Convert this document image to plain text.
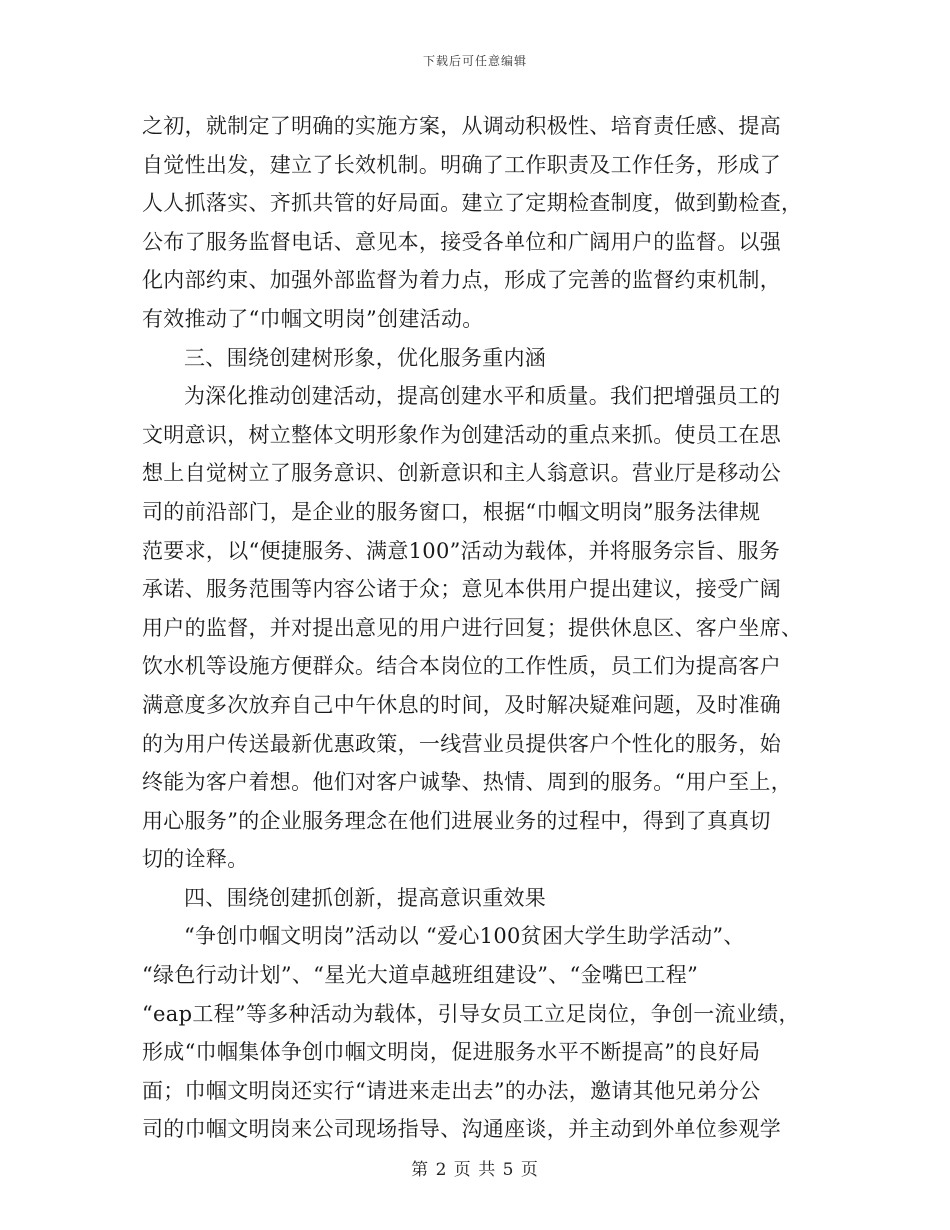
下载后可任意编辑
之初，就制定了明确的实施方案，从调动积极性、培育责任感、提高
自觉性出发，建立了长效机制。明确了工作职责及工作任务，形成了
人人抓落实、齐抓共管的好局面。建立了定期检查制度，做到勤检查，
公布了服务监督电话、意见本，接受各单位和广阔用户的监督。以强
化内部约束、加强外部监督为着力点，形成了完善的监督约束机制，
有效推动了“巾帼文明岗”创建活动。
三、围绕创建树形象，优化服务重内涵
为深化推动创建活动，提高创建水平和质量。我们把增强员工的
文明意识，树立整体文明形象作为创建活动的重点来抓。使员工在思
想上自觉树立了服务意识、创新意识和主人翁意识。营业厅是移动公
司的前沿部门，是企业的服务窗口，根据“巾帼文明岗”服务法律规
范要求，以“便捷服务、满意100”活动为载体，并将服务宗旨、服务
承诺、服务范围等内容公诸于众；意见本供用户提出建议，接受广阔
用户的监督，并对提出意见的用户进行回复；提供休息区、客户坐席、
饮水机等设施方便群众。结合本岗位的工作性质，员工们为提高客户
满意度多次放弃自己中午休息的时间，及时解决疑难问题，及时准确
的为用户传送最新优惠政策，一线营业员提供客户个性化的服务，始
终能为客户着想。他们对客户诚挚、热情、周到的服务。“用户至上，
用心服务”的企业服务理念在他们进展业务的过程中，得到了真真切
切的诠释。
四、围绕创建抓创新，提高意识重效果
“争创巾帼文明岗”活动以 “爱心100贫困大学生助学活动”、
“绿色行动计划”、“星光大道卓越班组建设”、“金嘴巴工程”
“eap工程”等多种活动为载体，引导女员工立足岗位，争创一流业绩，
形成“巾帼集体争创巾帼文明岗，促进服务水平不断提高”的良好局
面；巾帼文明岗还实行“请进来走出去”的办法，邀请其他兄弟分公
司的巾帼文明岗来公司现场指导、沟通座谈，并主动到外单位参观学
第 2 页 共 5 页
